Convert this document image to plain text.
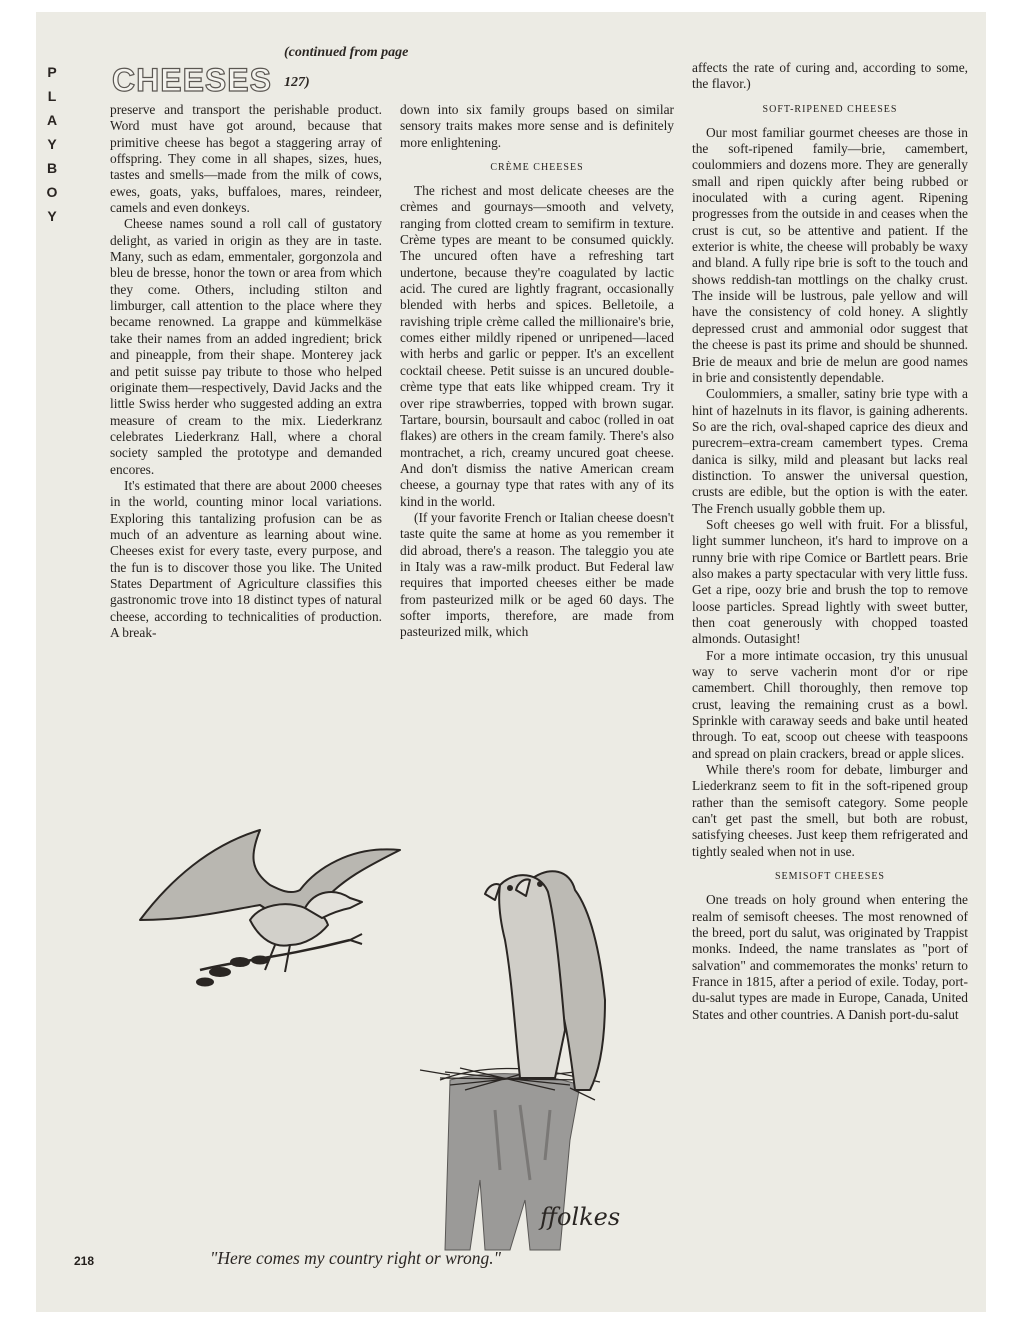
P
L
A
Y
B
O
Y
CHEESES
(continued from page 127)

preserve and transport the perishable product. Word must have got around, because that primitive cheese has begot a staggering array of offspring. They come in all shapes, sizes, hues, tastes and smells—made from the milk of cows, ewes, goats, yaks, buffaloes, mares, reindeer, camels and even donkeys.

Cheese names sound a roll call of gustatory delight, as varied in origin as they are in taste. Many, such as edam, emmentaler, gorgonzola and bleu de bresse, honor the town or area from which they come. Others, including stilton and limburger, call attention to the place where they became renowned. La grappe and kümmelkäse take their names from an added ingredient; brick and pineapple, from their shape. Monterey jack and petit suisse pay tribute to those who helped originate them—respectively, David Jacks and the little Swiss herder who suggested adding an extra measure of cream to the mix. Liederkranz celebrates Liederkranz Hall, where a choral society sampled the prototype and demanded encores.

It's estimated that there are about 2000 cheeses in the world, counting minor local variations. Exploring this tantalizing profusion can be as much of an adventure as learning about wine. Cheeses exist for every taste, every purpose, and the fun is to discover those you like. The United States Department of Agriculture classifies this gastronomic trove into 18 distinct types of natural cheese, according to technicalities of production. A break-

down into six family groups based on similar sensory traits makes more sense and is definitely more enlightening.

CRÈME CHEESES

The richest and most delicate cheeses are the crèmes and gournays—smooth and velvety, ranging from clotted cream to semifirm in texture. Crème types are meant to be consumed quickly. The uncured often have a refreshing tart undertone, because they're coagulated by lactic acid. The cured are lightly fragrant, occasionally blended with herbs and spices. Belletoile, a ravishing triple crème called the millionaire's brie, comes either mildly ripened or unripened—laced with herbs and garlic or pepper. It's an excellent cocktail cheese. Petit suisse is an uncured double-crème type that eats like whipped cream. Try it over ripe strawberries, topped with brown sugar. Tartare, boursin, boursault and caboc (rolled in oat flakes) are others in the cream family. There's also montrachet, a rich, creamy uncured goat cheese. And don't dismiss the native American cream cheese, a gournay type that rates with any of its kind in the world.

(If your favorite French or Italian cheese doesn't taste quite the same at home as you remember it did abroad, there's a reason. The taleggio you ate in Italy was a raw-milk product. But Federal law requires that imported cheeses either be made from pasteurized milk or be aged 60 days. The softer imports, therefore, are made from pasteurized milk, which

affects the rate of curing and, according to some, the flavor.)

SOFT-RIPENED CHEESES

Our most familiar gourmet cheeses are those in the soft-ripened family—brie, camembert, coulommiers and dozens more. They are generally small and ripen quickly after being rubbed or inoculated with a curing agent. Ripening progresses from the outside in and ceases when the crust is cut, so be attentive and patient. If the exterior is white, the cheese will probably be waxy and bland. A fully ripe brie is soft to the touch and shows reddish-tan mottlings on the chalky crust. The inside will be lustrous, pale yellow and will have the consistency of cold honey. A slightly depressed crust and ammonial odor suggest that the cheese is past its prime and should be shunned. Brie de meaux and brie de melun are good names in brie and consistently dependable.

Coulommiers, a smaller, satiny brie type with a hint of hazelnuts in its flavor, is gaining adherents. So are the rich, oval-shaped caprice des dieux and purecrem–extra-cream camembert types. Crema danica is silky, mild and pleasant but lacks real distinction. To answer the universal question, crusts are edible, but the option is with the eater. The French usually gobble them up.

Soft cheeses go well with fruit. For a blissful, light summer luncheon, it's hard to improve on a runny brie with ripe Comice or Bartlett pears. Brie also makes a party spectacular with very little fuss. Get a ripe, oozy brie and brush the top to remove loose particles. Spread lightly with sweet butter, then coat generously with chopped toasted almonds. Outasight!

For a more intimate occasion, try this unusual way to serve vacherin mont d'or or ripe camembert. Chill thoroughly, then remove top crust, leaving the remaining crust as a bowl. Sprinkle with caraway seeds and bake until heated through. To eat, scoop out cheese with teaspoons and spread on plain crackers, bread or apple slices.

While there's room for debate, limburger and Liederkranz seem to fit in the soft-ripened group rather than the semisoft category. Some people can't get past the smell, but both are robust, satisfying cheeses. Just keep them refrigerated and tightly sealed when not in use.

SEMISOFT CHEESES

One treads on holy ground when entering the realm of semisoft cheeses. The most renowned of the breed, port du salut, was originated by Trappist monks. Indeed, the name translates as "port of salvation" and commemorates the monks' return to France in 1815, after a period of exile. Today, port-du-salut types are made in Europe, Canada, United States and other countries. A Danish port-du-salut

ffolkes
"Here comes my country right or wrong."
218
